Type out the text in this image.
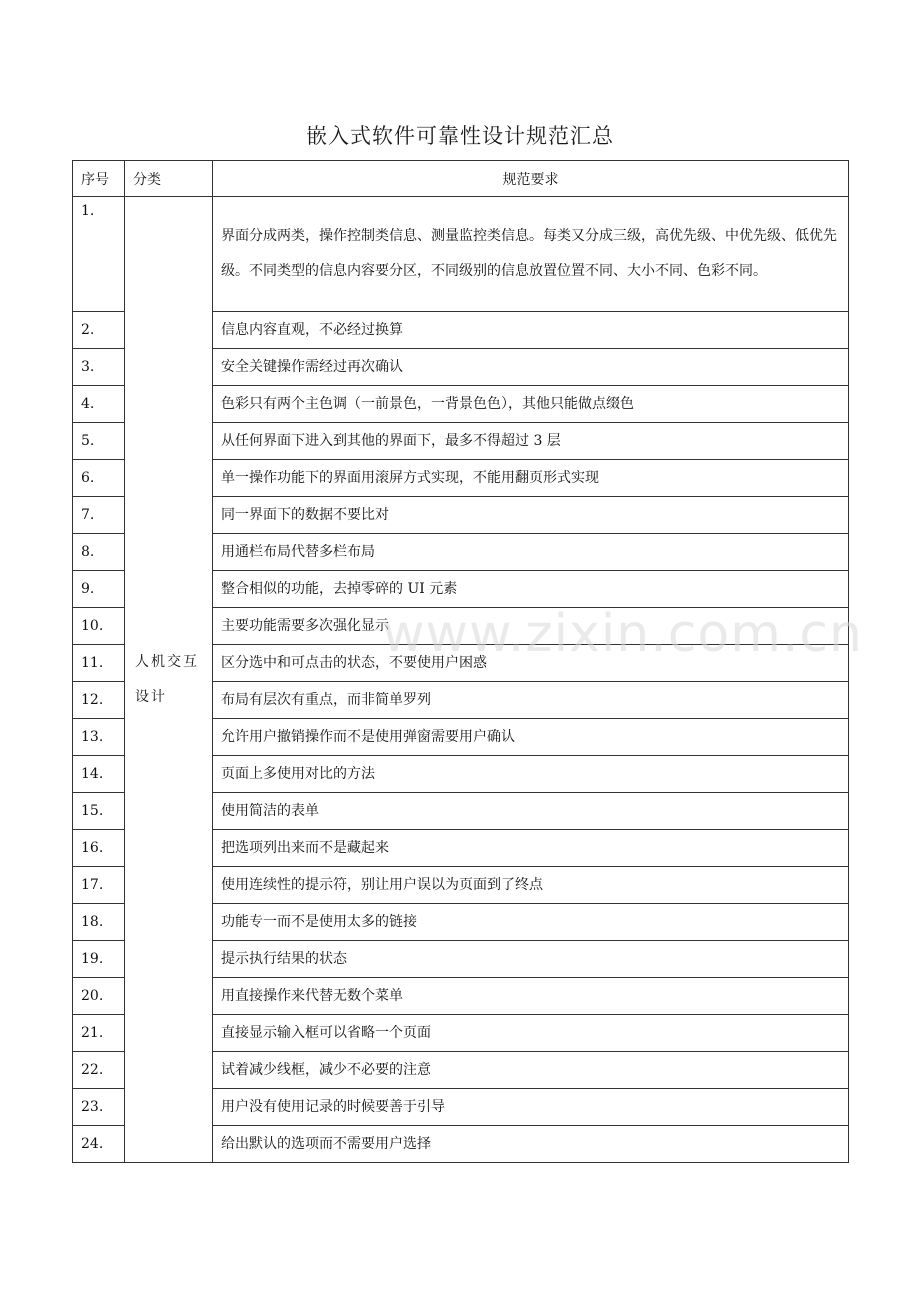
嵌入式软件可靠性设计规范汇总
序号	分类	规范要求
1.	人机交互设计	界面分成两类，操作控制类信息、测量监控类信息。每类又分成三级，高优先级、中优先级、低优先级。不同类型的信息内容要分区，不同级别的信息放置位置不同、大小不同、色彩不同。
2.		信息内容直观，不必经过换算
3.		安全关键操作需经过再次确认
4.		色彩只有两个主色调（一前景色，一背景色色），其他只能做点缀色
5.		从任何界面下进入到其他的界面下，最多不得超过 3 层
6.		单一操作功能下的界面用滚屏方式实现，不能用翻页形式实现
7.		同一界面下的数据不要比对
8.		用通栏布局代替多栏布局
9.		整合相似的功能，去掉零碎的 UI 元素
10.		主要功能需要多次强化显示
11.		区分选中和可点击的状态，不要使用户困惑
12.		布局有层次有重点，而非简单罗列
13.		允许用户撤销操作而不是使用弹窗需要用户确认
14.		页面上多使用对比的方法
15.		使用简洁的表单
16.		把选项列出来而不是藏起来
17.		使用连续性的提示符，别让用户误以为页面到了终点
18.		功能专一而不是使用太多的链接
19.		提示执行结果的状态
20.		用直接操作来代替无数个菜单
21.		直接显示输入框可以省略一个页面
22.		试着减少线框，减少不必要的注意
23.		用户没有使用记录的时候要善于引导
24.		给出默认的选项而不需要用户选择
www.zixin.com.cn
